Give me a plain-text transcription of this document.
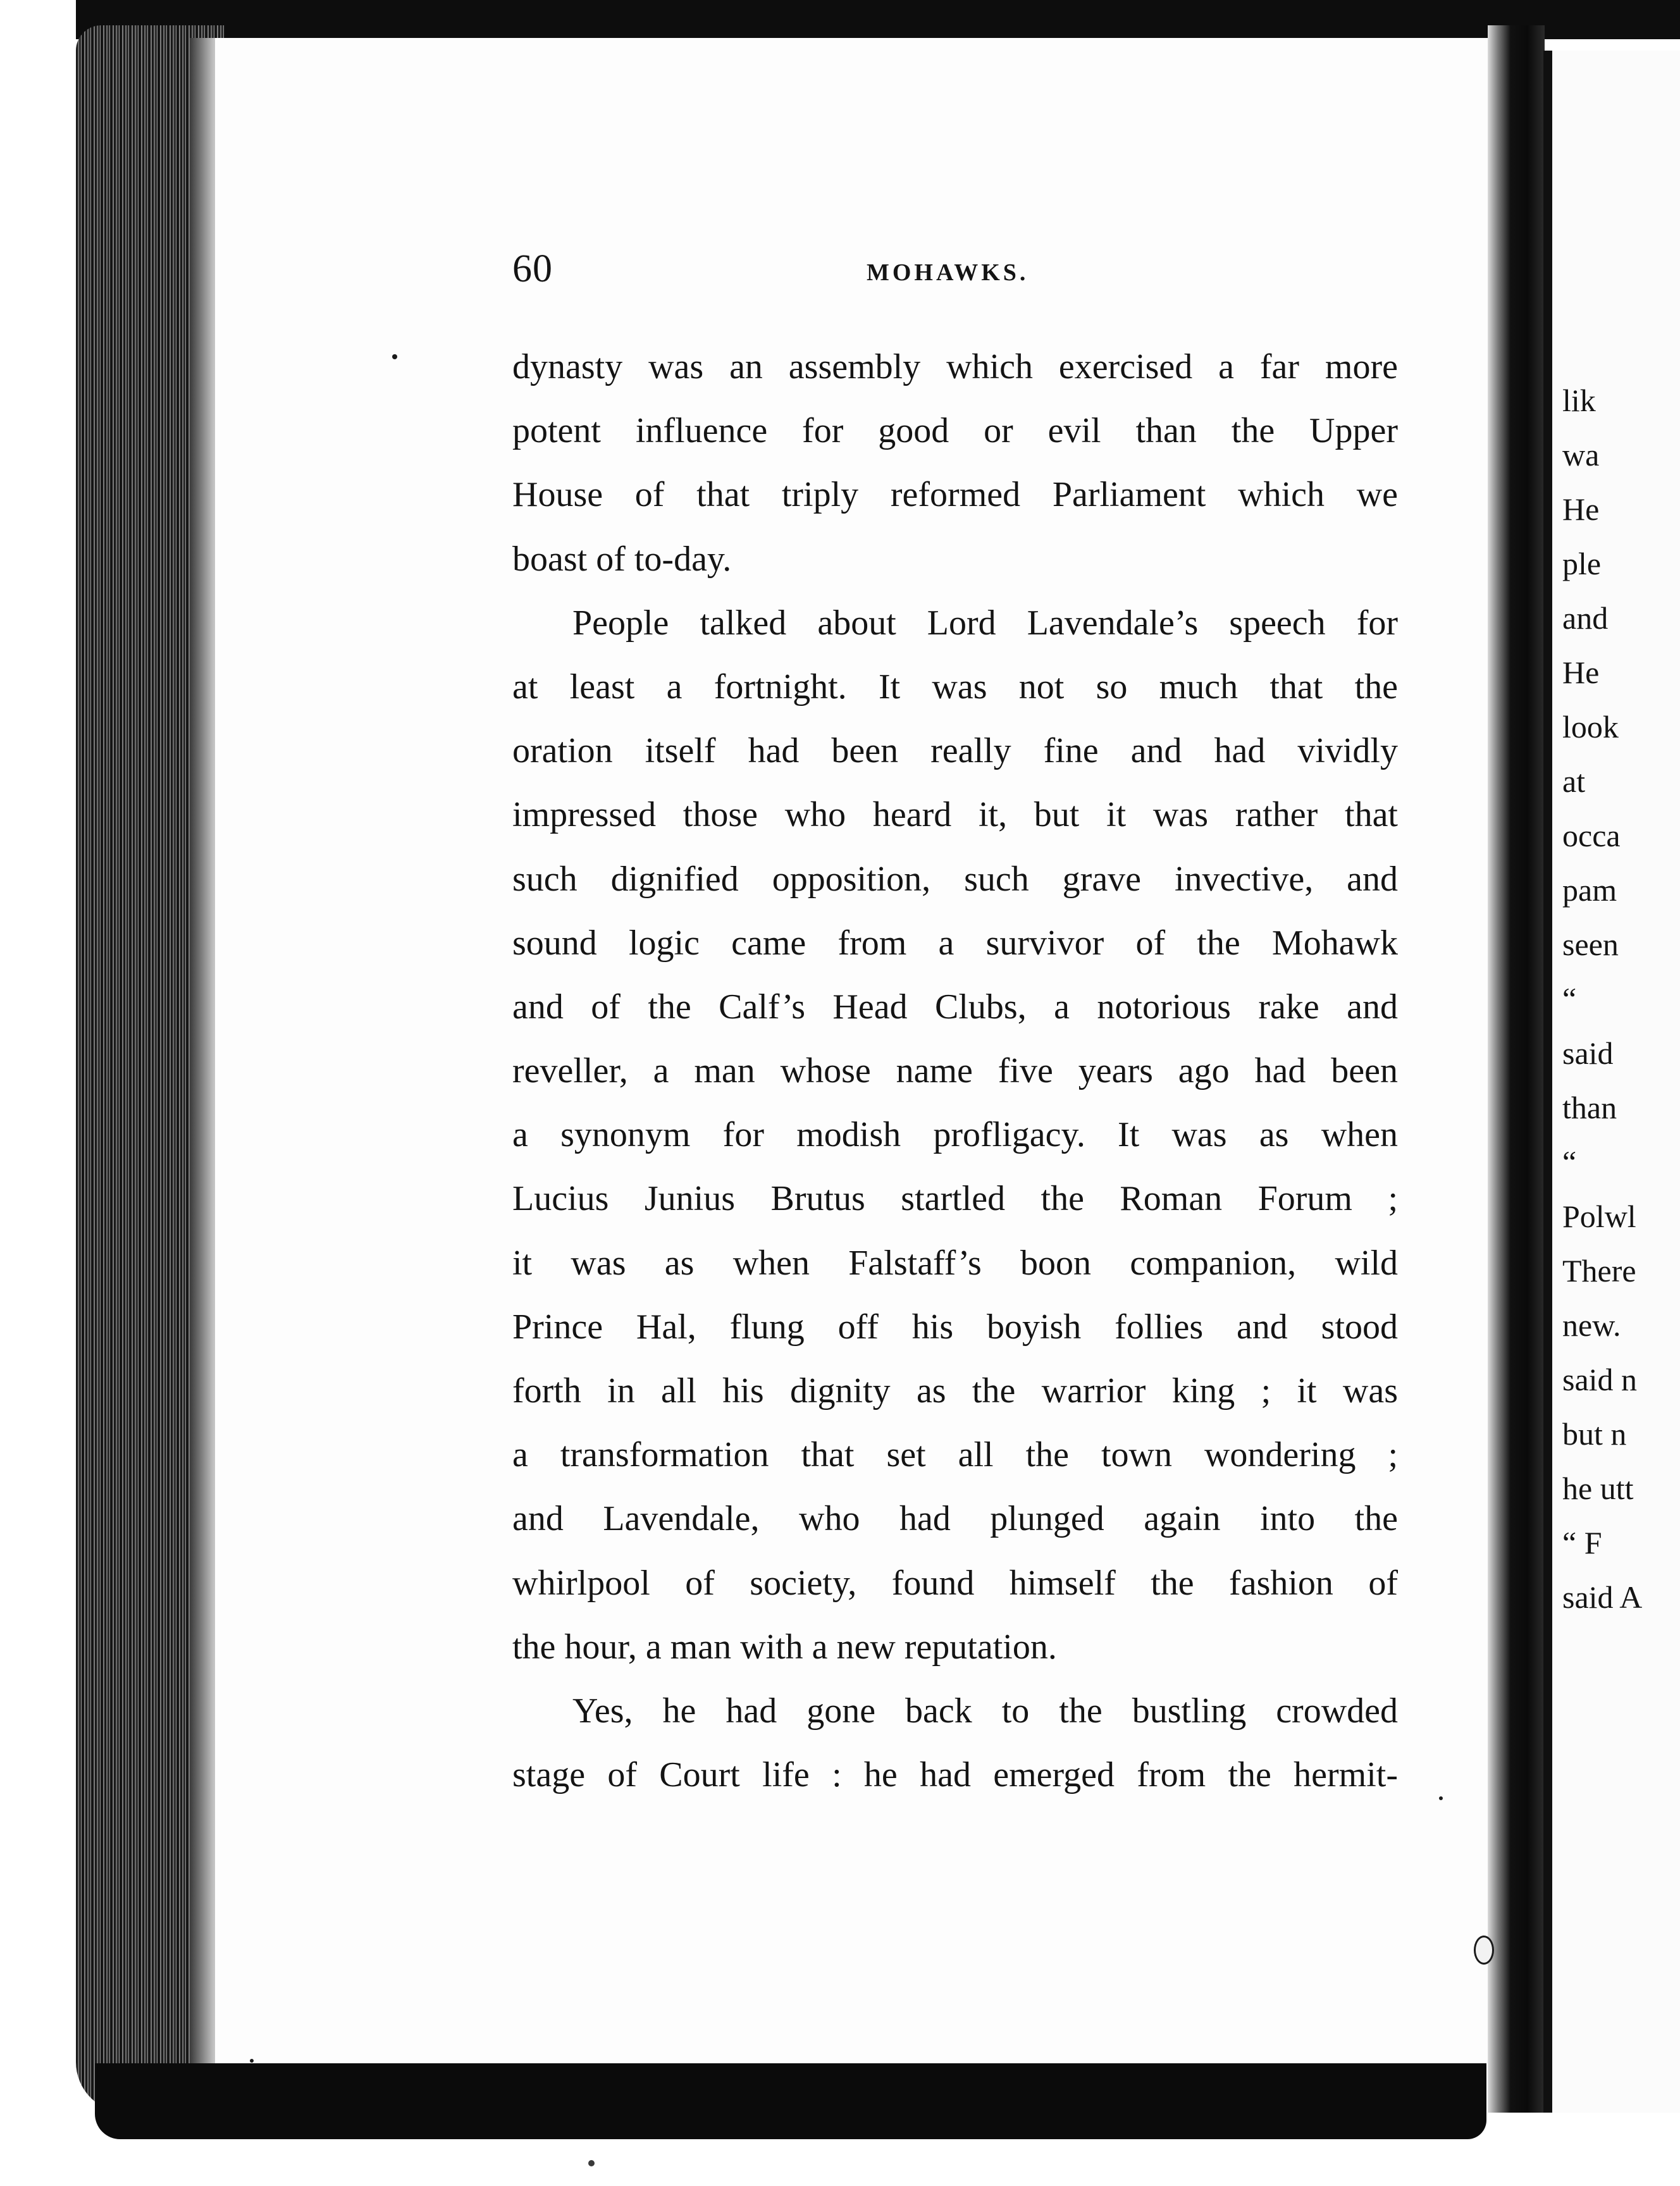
60	MOHAWKS.
dynasty was an assembly which exercised a far more
potent influence for good or evil than the Upper
House of that triply reformed Parliament which we
boast of to-day.
People talked about Lord Lavendale’s speech for
at least a fortnight. It was not so much that the
oration itself had been really fine and had vividly
impressed those who heard it, but it was rather that
such dignified opposition, such grave invective, and
sound logic came from a survivor of the Mohawk
and of the Calf’s Head Clubs, a notorious rake and
reveller, a man whose name five years ago had been
a synonym for modish profligacy. It was as when
Lucius Junius Brutus startled the Roman Forum ;
it was as when Falstaff’s boon companion, wild
Prince Hal, flung off his boyish follies and stood
forth in all his dignity as the warrior king ; it was
a transformation that set all the town wondering ;
and Lavendale, who had plunged again into the
whirlpool of society, found himself the fashion of
the hour, a man with a new reputation.
Yes, he had gone back to the bustling crowded
stage of Court life : he had emerged from the hermit-
lik
wa
He
ple
and
He
look
at
occa
pam
seen
“
said
than
“
Polwl
There
new.
said n
but n
he utt
“ F
said A
